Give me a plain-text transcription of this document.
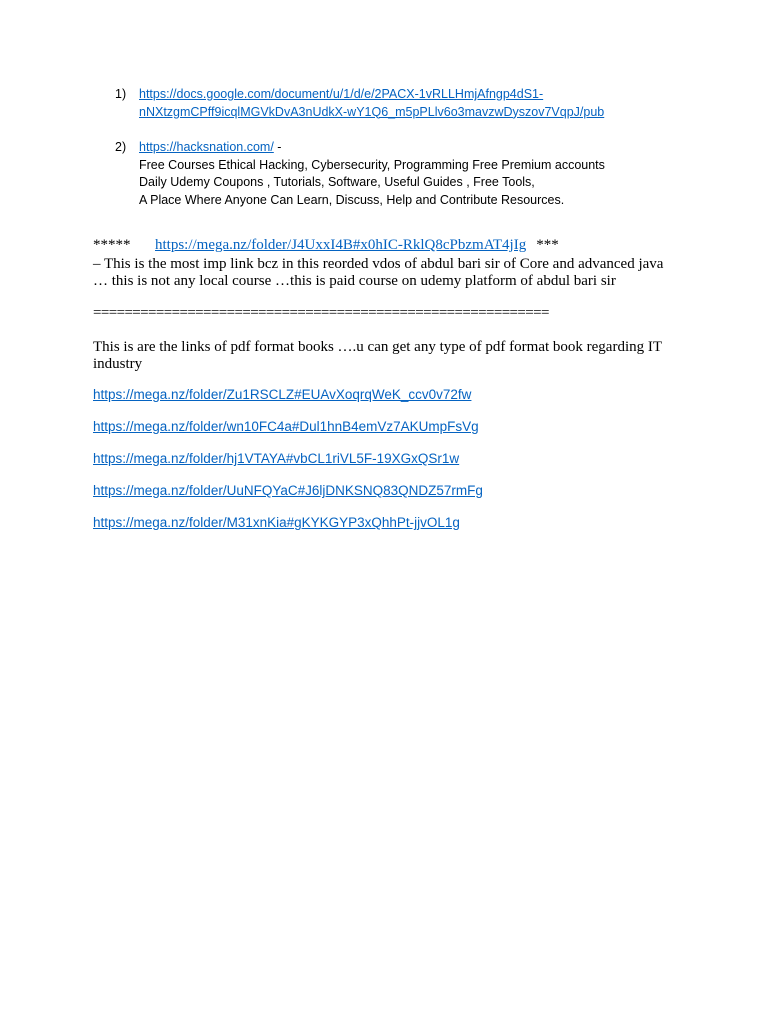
1) https://docs.google.com/document/u/1/d/e/2PACX-1vRLLHmjAfngp4dS1-
nNXtzgmCPff9icqlMGVkDvA3nUdkX-wY1Q6_m5pPLlv6o3mavzwDyszov7VqpJ/pub
2) https://hacksnation.com/ -
Free Courses Ethical Hacking, Cybersecurity, Programming Free Premium accounts
Daily Udemy Coupons , Tutorials, Software, Useful Guides , Free Tools,
A Place Where Anyone Can Learn, Discuss, Help and Contribute Resources.
***** https://mega.nz/folder/J4UxxI4B#x0hIC-RklQ8cPbzmAT4jIg ***
– This is the most imp link bcz in this reorded vdos of abdul bari sir of Core and advanced java … this is not any local course …this is paid course on udemy platform of abdul bari sir
==========================================================
This is are the links of pdf format books ….u can get any type of pdf format book regarding IT industry
https://mega.nz/folder/Zu1RSCLZ#EUAvXoqrqWeK_ccv0v72fw
https://mega.nz/folder/wn10FC4a#Dul1hnB4emVz7AKUmpFsVg
https://mega.nz/folder/hj1VTAYA#vbCL1riVL5F-19XGxQSr1w
https://mega.nz/folder/UuNFQYaC#J6ljDNKSNQ83QNDZ57rmFg
https://mega.nz/folder/M31xnKia#gKYKGYP3xQhhPt-jjvOL1g
